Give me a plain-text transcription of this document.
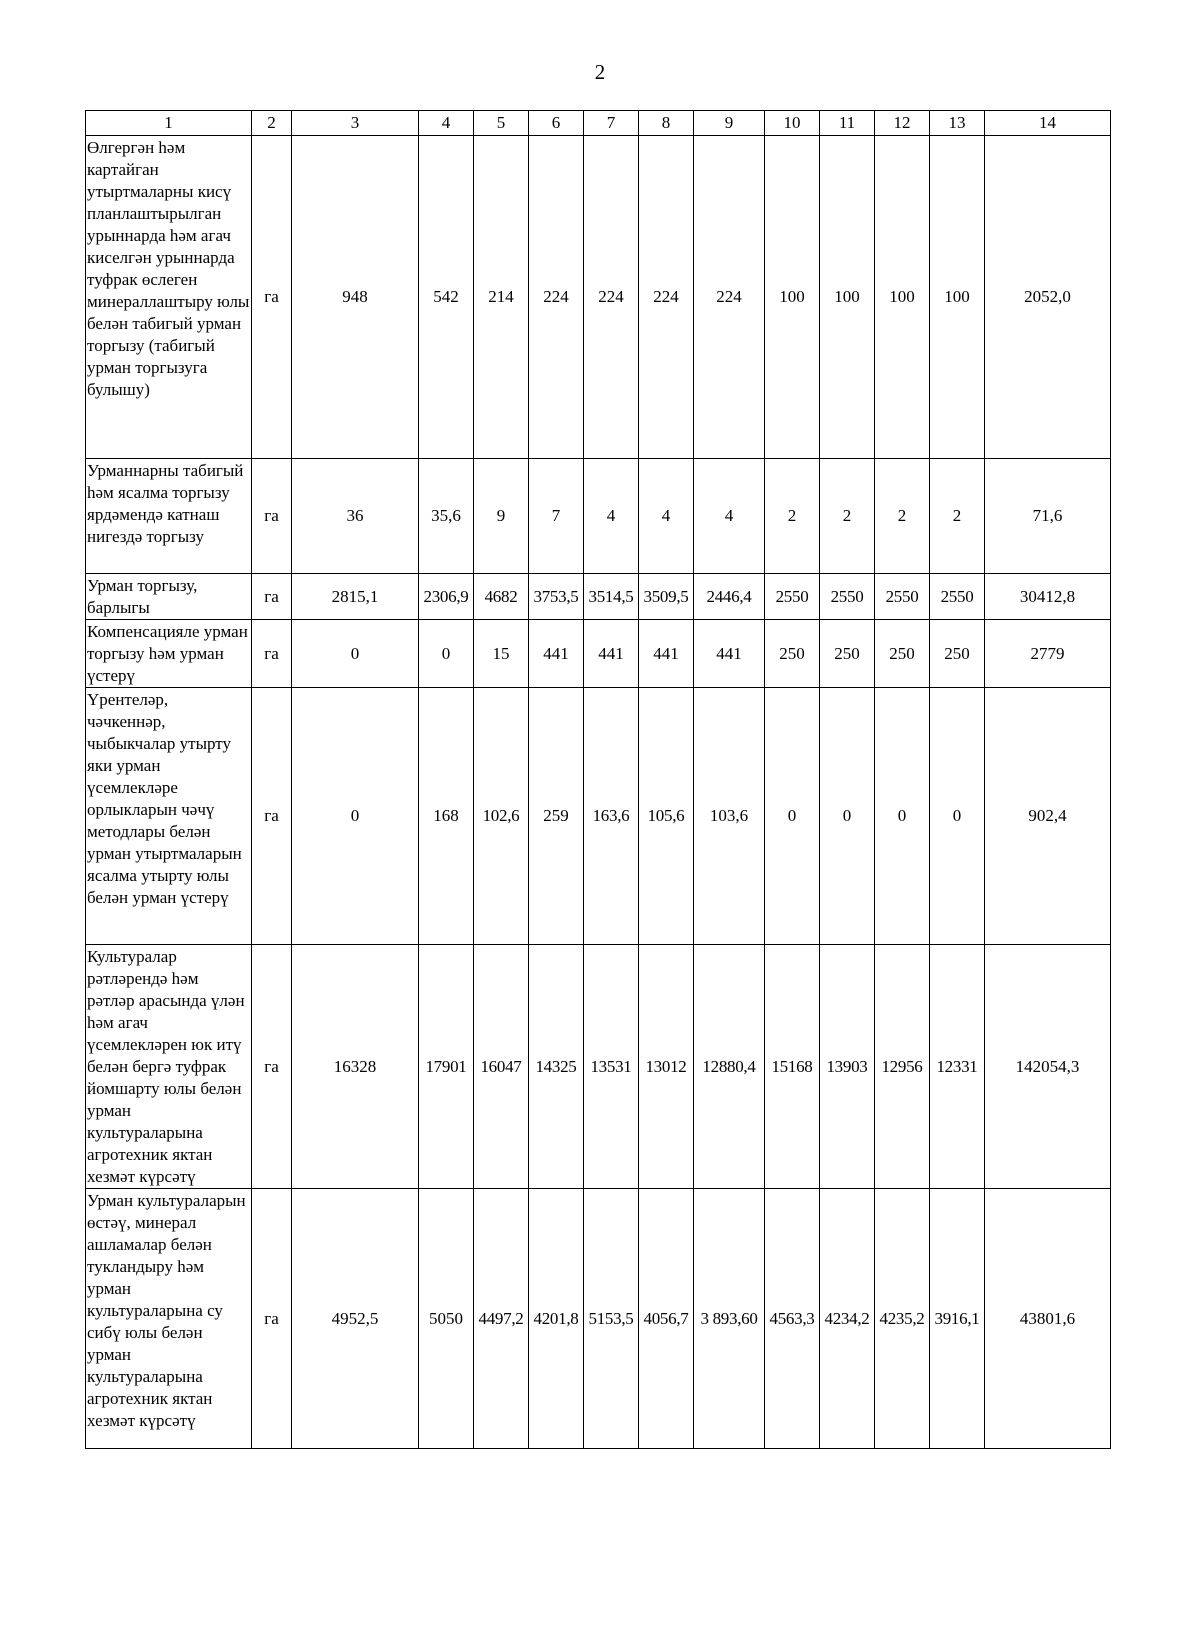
2
1	2	3	4	5	6	7	8	9	10	11	12	13	14
Өлгергән һәм картайган утыртмаларны кисү планлаштырылган урыннарда һәм агач киселгән урыннарда туфрак өслеген минераллаштыру юлы белән табигый урман торгызу (табигый урман торгызуга булышу)	га	948	542	214	224	224	224	224	100	100	100	100	2052,0
Урманнарны табигый һәм ясалма торгызу ярдәмендә катнаш нигездә торгызу	га	36	35,6	9	7	4	4	4	2	2	2	2	71,6
Урман торгызу, барлыгы	га	2815,1	2306,9	4682	3753,5	3514,5	3509,5	2446,4	2550	2550	2550	2550	30412,8
Компенсацияле урман торгызу һәм урман үстерү	га	0	0	15	441	441	441	441	250	250	250	250	2779
Үрентеләр, чәчкеннәр, чыбыкчалар утырту яки урман үсемлекләре орлыкларын чәчү методлары белән урман утыртмаларын ясалма утырту юлы белән урман үстерү	га	0	168	102,6	259	163,6	105,6	103,6	0	0	0	0	902,4
Культуралар рәтләрендә һәм рәтләр арасында үлән һәм агач үсемлекләрен юк итү белән бергә туфрак йомшарту юлы белән урман культураларына агротехник яктан хезмәт күрсәтү	га	16328	17901	16047	14325	13531	13012	12880,4	15168	13903	12956	12331	142054,3
Урман культураларын өстәү, минерал ашламалар белән тукландыру һәм урман культураларына су сибү юлы белән урман культураларына агротехник яктан хезмәт күрсәтү	га	4952,5	5050	4497,2	4201,8	5153,5	4056,7	3 893,60	4563,3	4234,2	4235,2	3916,1	43801,6
